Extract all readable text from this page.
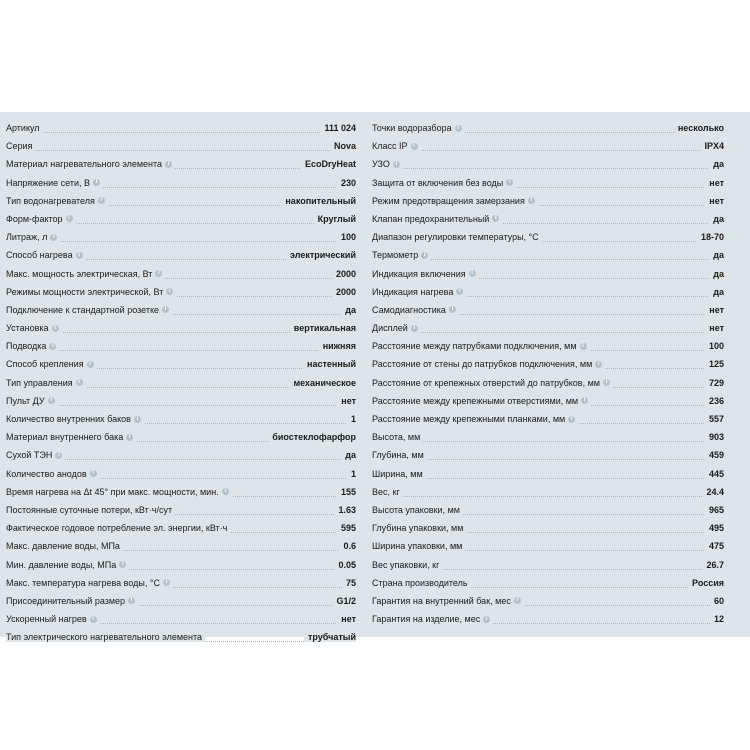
Артикул	111 024
Серия	Nova
Материал нагревательного элемента i	EcoDryHeat
Напряжение сети, В i	230
Тип водонагревателя i	накопительный
Форм-фактор i	Круглый
Литраж, л i	100
Способ нагрева i	электрический
Макс. мощность электрическая, Вт i	2000
Режимы мощности электрической, Вт i	2000
Подключение к стандартной розетке i	да
Установка i	вертикальная
Подводка i	нижняя
Способ крепления i	настенный
Тип управления i	механическое
Пульт ДУ i	нет
Количество внутренних баков i	1
Материал внутреннего бака i	биостеклофарфор
Сухой ТЭН i	да
Количество анодов i	1
Время нагрева на Δt 45° при макс. мощности, мин. i	155
Постоянные суточные потери, кВт·ч/сут	1.63
Фактическое годовое потребление эл. энергии, кВт·ч	595
Макс. давление воды, МПа	0.6
Мин. давление воды, МПа i	0.05
Макс. температура нагрева воды, °С i	75
Присоединительный размер i	G1/2
Ускоренный нагрев i	нет
Тип электрического нагревательного элемента	трубчатый
Точки водоразбора i	несколько
Класс IP i	IPX4
УЗО i	да
Защита от включения без воды i	нет
Режим предотвращения замерзания i	нет
Клапан предохранительный i	да
Диапазон регулировки температуры, °С	18-70
Термометр i	да
Индикация включения i	да
Индикация нагрева i	да
Самодиагностика i	нет
Дисплей i	нет
Расстояние между патрубками подключения, мм i	100
Расстояние от стены до патрубков подключения, мм i	125
Расстояние от крепежных отверстий до патрубков, мм i	729
Расстояние между крепежными отверстиями, мм i	236
Расстояние между крепежными планками, мм i	557
Высота, мм	903
Глубина, мм	459
Ширина, мм	445
Вес, кг	24.4
Высота упаковки, мм	965
Глубина упаковки, мм	495
Ширина упаковки, мм	475
Вес упаковки, кг	26.7
Страна производитель	Россия
Гарантия на внутренний бак, мес i	60
Гарантия на изделие, мес i	12
